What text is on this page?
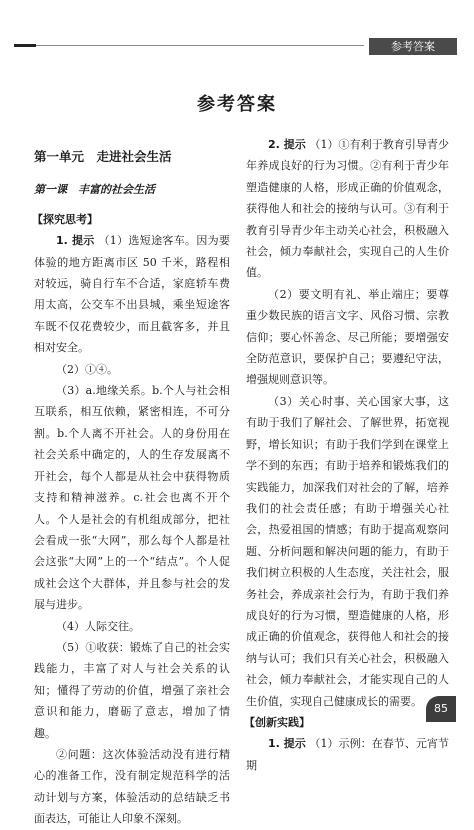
参考答案
参考答案

第一单元　走进社会生活

第一课　丰富的社会生活

【探究思考】

1. 提示 （1）选短途客车。因为要体验的地方距离市区 50 千米，路程相对较远，骑自行车不合适，家庭轿车费用太高，公交车不出县城，乘坐短途客车既不仅花费较少，而且截客多，并且相对安全。

（2）①④。

（3）a.地缘关系。b.个人与社会相互联系，相互依赖，紧密相连，不可分割。b.个人离不开社会。人的身份用在社会关系中确定的，人的生存发展离不开社会，每个人都是从社会中获得物质支持和精神滋养。c.社会也离不开个人。个人是社会的有机组成部分，把社会看成一张“大网”，那么每个人都是社会这张“大网”上的一个“结点”。个人促成社会这个大群体，并且参与社会的发展与进步。

（4）人际交往。

（5）①收获：锻炼了自己的社会实践能力，丰富了对人与社会关系的认知；懂得了劳动的价值，增强了亲社会意识和能力，磨砺了意志，增加了情趣。

②问题：这次体验活动没有进行精心的准备工作，没有制定规范科学的活动计划与方案，体验活动的总结缺乏书面表达，可能让人印象不深刻。

2. 提示 （1）①有利于教育引导青少年养成良好的行为习惯。②有利于青少年塑造健康的人格，形成正确的价值观念，获得他人和社会的接纳与认可。③有利于教育引导青少年主动关心社会，积极融入社会，倾力奉献社会，实现自己的人生价值。

（2）要文明有礼、举止端庄；要尊重少数民族的语言文字、风俗习惯、宗教信仰；要心怀善念、尽己所能；要增强安全防范意识，要保护自己；要遵纪守法，增强规则意识等。

（3）关心时事、关心国家大事，这有助于我们了解社会、了解世界，拓宽视野，增长知识；有助于我们学到在课堂上学不到的东西；有助于培养和锻炼我们的实践能力，加深我们对社会的了解，培养我们的社会责任感；有助于增强关心社会，热爱祖国的情感；有助于提高观察问题、分析问题和解决问题的能力，有助于我们树立积极的人生态度，关注社会，服务社会，养成亲社会行为，有助于我们养成良好的行为习惯，塑造健康的人格，形成正确的价值观念，获得他人和社会的接纳与认可；我们只有关心社会，积极融入社会，倾力奉献社会，才能实现自己的人生价值，实现自己健康成长的需要。

【创新实践】

1. 提示 （1）示例：在春节、元宵节期

85
